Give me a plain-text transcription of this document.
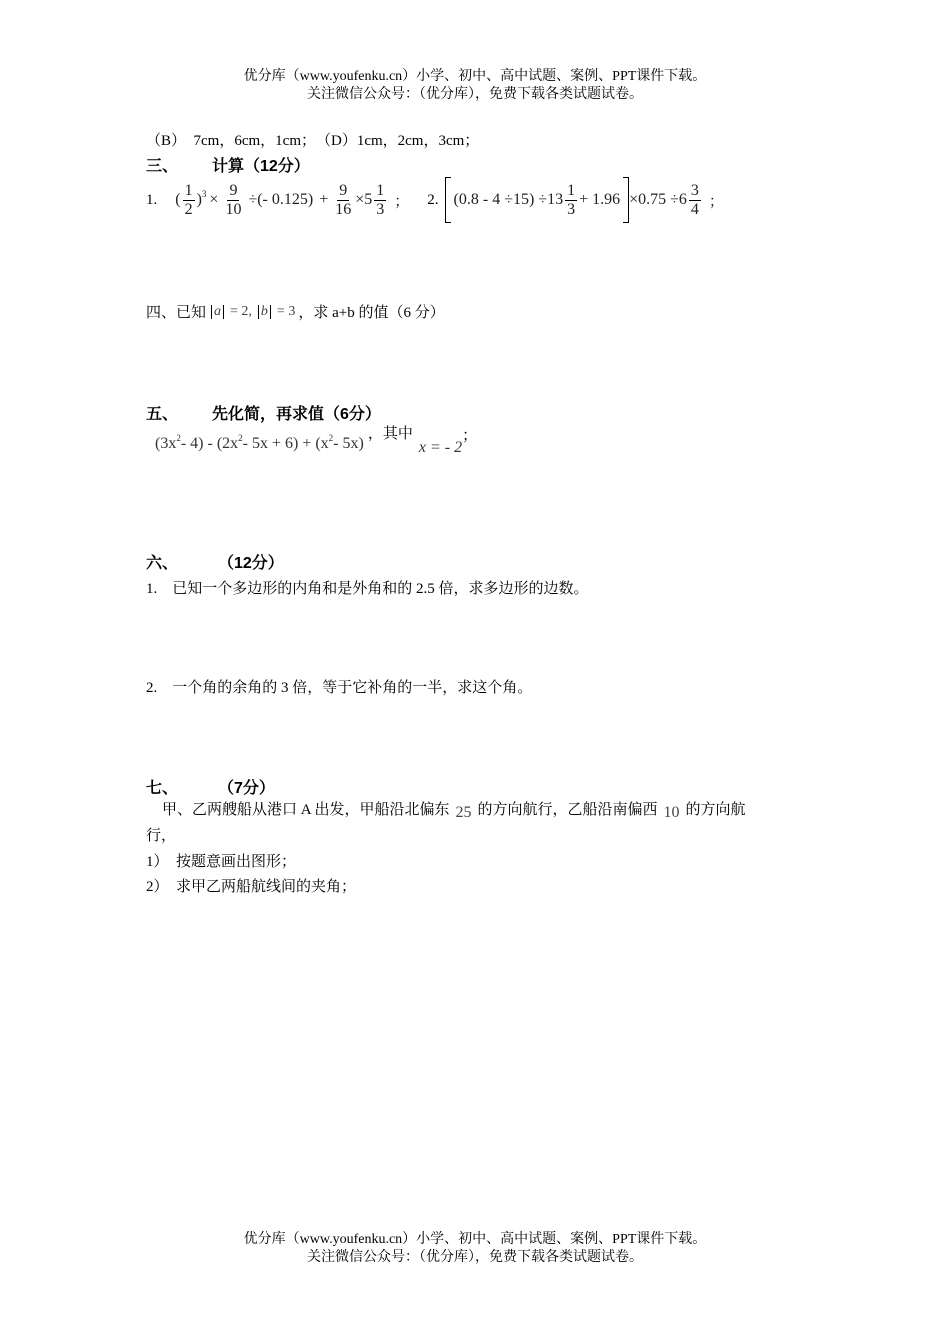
优分库（www.youfenku.cn）小学、初中、高中试题、案例、PPT课件下载。
关注微信公众号：（优分库），免费下载各类试题试卷。
（B）　7cm，6cm，1cm；　（D）1cm，2cm，3cm；
三、 计算（12分）
1. ( $\frac{1}{2} )^3 \times \frac{9}{10}$ ÷(- $0.125) + \frac{9}{16} \times 5 \frac{1}{3}$ ； 2. $(0.8 - 4 \div 15) \div 13 \frac{1}{3} + 1.96 \times 0.75 \div 6 \frac{3}{4}$ ；
四、已知 a = 2, b = 3 ，求 a+b 的值（6 分）
五、 先化简，再求值（6分）
$(3x^2 - 4) - (2x^2 - 5x + 6) + (x^2 - 5x)$
，其中
x = - 2
；
六、 （12分）
1.　已知一个多边形的内角和是外角和的 2.5 倍，求多边形的边数。
2.　一个角的余角的 3 倍，等于它补角的一半，求这个角。
七、 （7分）
甲、乙两艘船从港口 A 出发，甲船沿北偏东 25 的方向航行，乙船沿南偏西 10 的方向航
行，
1）　按题意画出图形；
2）　求甲乙两船航线间的夹角；
优分库（www.youfenku.cn）小学、初中、高中试题、案例、PPT课件下载。
关注微信公众号：（优分库），免费下载各类试题试卷。
